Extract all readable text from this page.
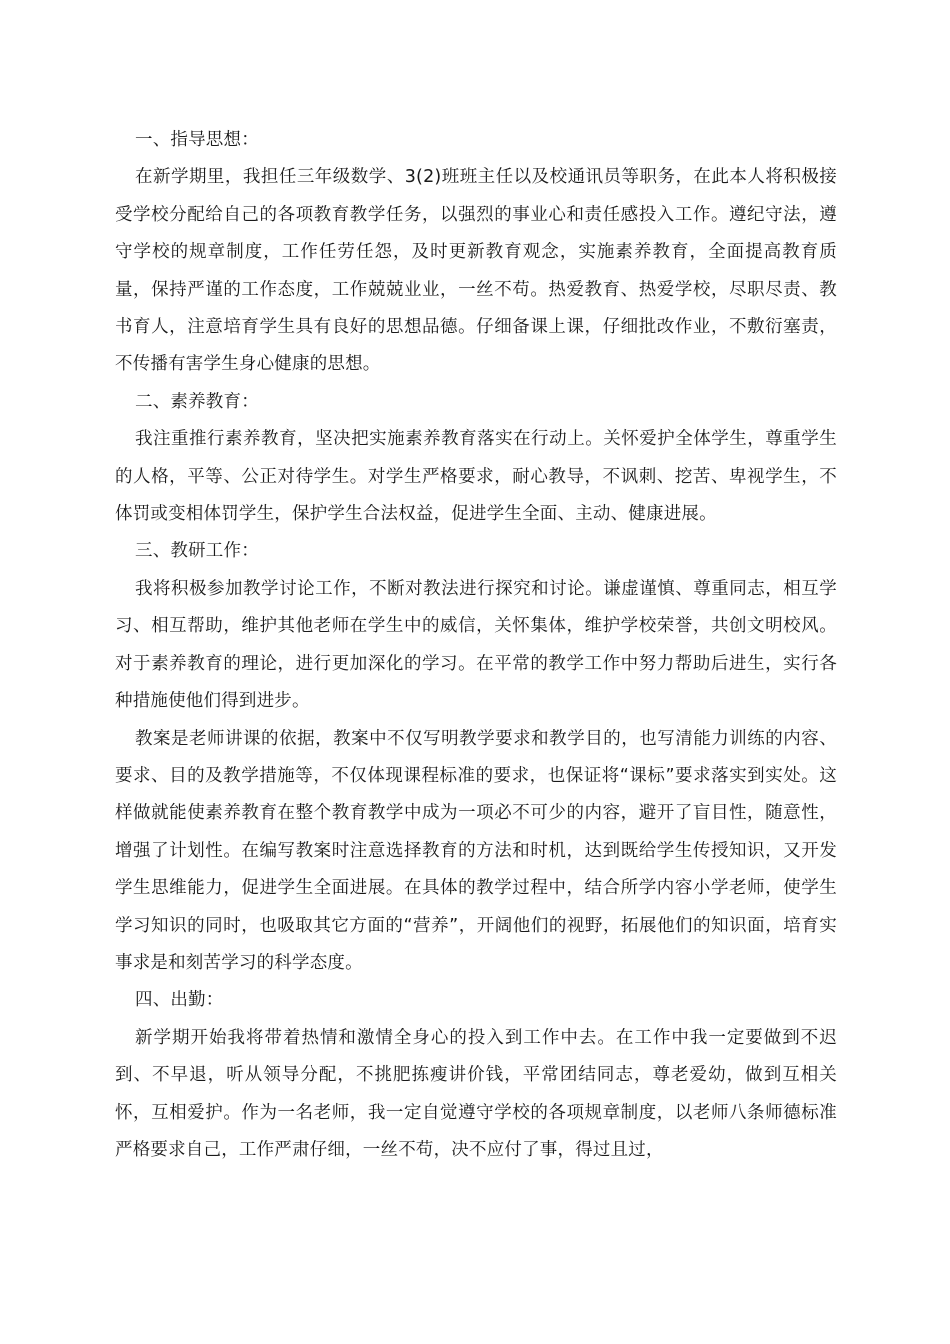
一、指导思想：

在新学期里，我担任三年级数学、3(2)班班主任以及校通讯员等职务，在此本人将积极接受学校分配给自己的各项教育教学任务，以强烈的事业心和责任感投入工作。遵纪守法，遵守学校的规章制度，工作任劳任怨，及时更新教育观念，实施素养教育，全面提高教育质量，保持严谨的工作态度，工作兢兢业业，一丝不苟。热爱教育、热爱学校，尽职尽责、教书育人，注意培育学生具有良好的思想品德。仔细备课上课，仔细批改作业，不敷衍塞责，不传播有害学生身心健康的思想。

二、素养教育：

我注重推行素养教育，坚决把实施素养教育落实在行动上。关怀爱护全体学生，尊重学生的人格，平等、公正对待学生。对学生严格要求，耐心教导，不讽刺、挖苦、卑视学生，不体罚或变相体罚学生，保护学生合法权益，促进学生全面、主动、健康进展。

三、教研工作：

我将积极参加教学讨论工作，不断对教法进行探究和讨论。谦虚谨慎、尊重同志，相互学习、相互帮助，维护其他老师在学生中的威信，关怀集体，维护学校荣誉，共创文明校风。对于素养教育的理论，进行更加深化的学习。在平常的教学工作中努力帮助后进生，实行各种措施使他们得到进步。

教案是老师讲课的依据，教案中不仅写明教学要求和教学目的，也写清能力训练的内容、要求、目的及教学措施等，不仅体现课程标准的要求，也保证将“课标”要求落实到实处。这样做就能使素养教育在整个教育教学中成为一项必不可少的内容，避开了盲目性，随意性，增强了计划性。在编写教案时注意选择教育的方法和时机，达到既给学生传授知识，又开发学生思维能力，促进学生全面进展。在具体的教学过程中，结合所学内容小学老师，使学生学习知识的同时，也吸取其它方面的“营养”，开阔他们的视野，拓展他们的知识面，培育实事求是和刻苦学习的科学态度。

四、出勤：

新学期开始我将带着热情和激情全身心的投入到工作中去。在工作中我一定要做到不迟到、不早退，听从领导分配，不挑肥拣瘦讲价钱，平常团结同志，尊老爱幼，做到互相关怀，互相爱护。作为一名老师，我一定自觉遵守学校的各项规章制度，以老师八条师德标准严格要求自己，工作严肃仔细，一丝不苟，决不应付了事，得过且过，
